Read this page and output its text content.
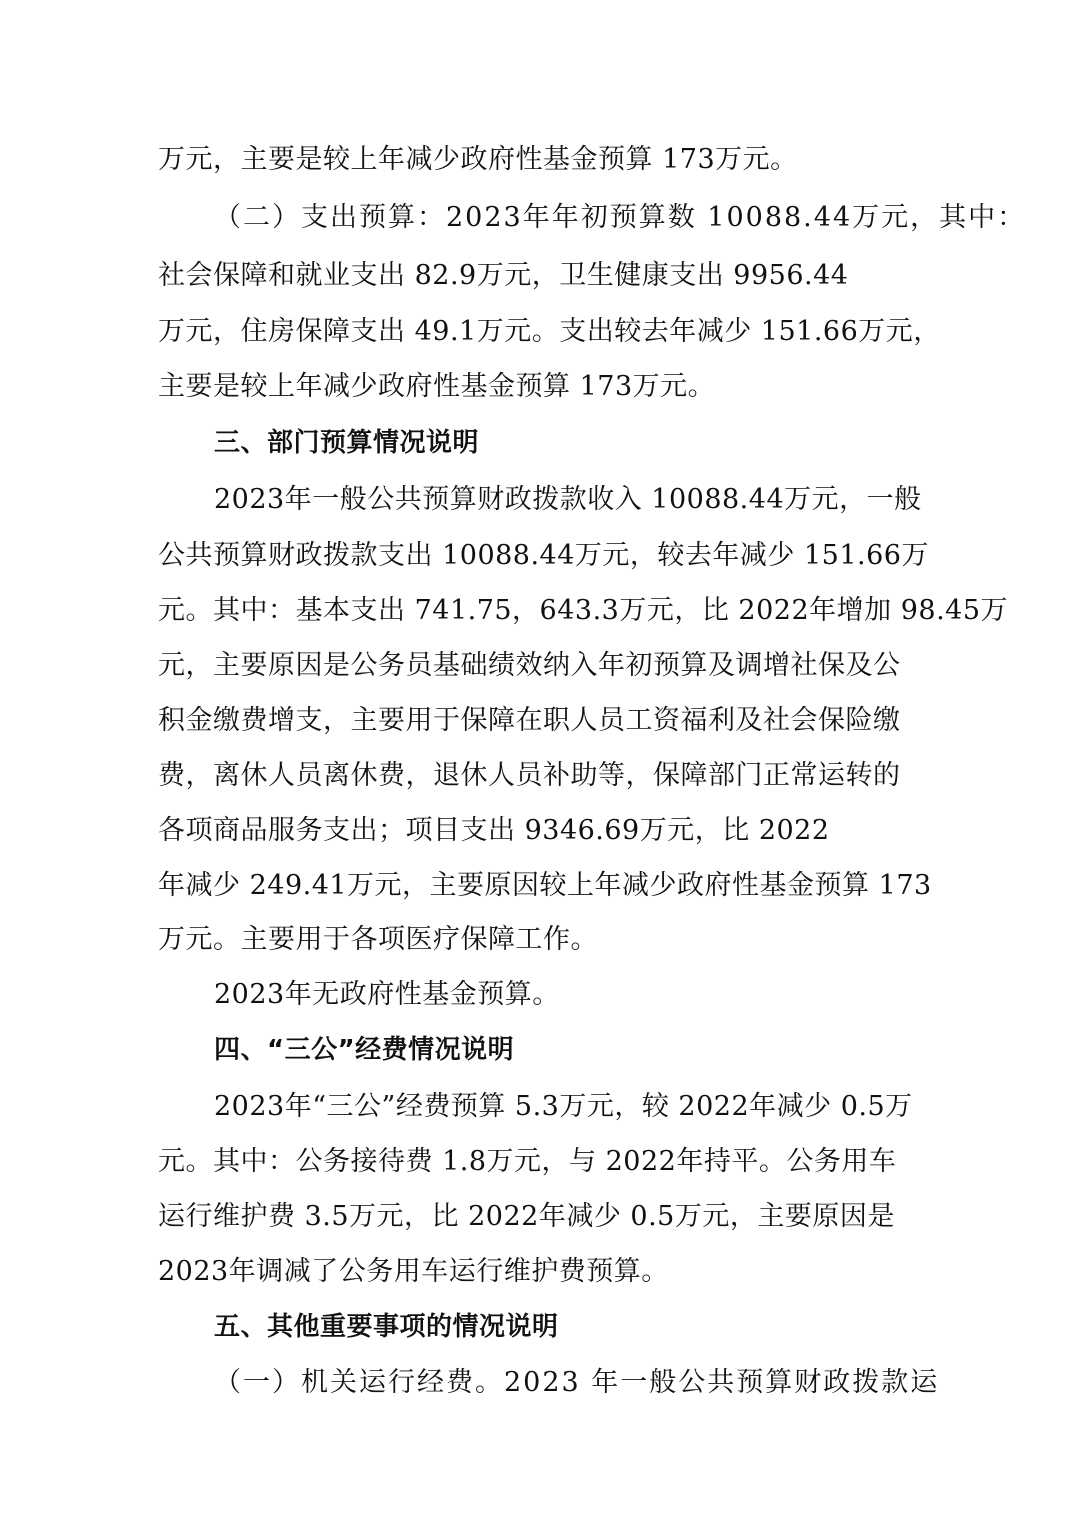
万元，主要是较上年减少政府性基金预算 173万元。
（二）支出预算：2023年年初预算数 10088.44万元，其中：
社会保障和就业支出 82.9万元，卫生健康支出 9956.44
万元，住房保障支出 49.1万元。支出较去年减少 151.66万元，
主要是较上年减少政府性基金预算 173万元。
三、部门预算情况说明
2023年一般公共预算财政拨款收入 10088.44万元，一般
公共预算财政拨款支出 10088.44万元，较去年减少 151.66万
元。其中：基本支出 741.75，643.3万元，比 2022年增加 98.45万
元，主要原因是公务员基础绩效纳入年初预算及调增社保及公
积金缴费增支，主要用于保障在职人员工资福利及社会保险缴
费，离休人员离休费，退休人员补助等，保障部门正常运转的
各项商品服务支出；项目支出 9346.69万元，比 2022
年减少 249.41万元，主要原因较上年减少政府性基金预算 173
万元。主要用于各项医疗保障工作。
2023年无政府性基金预算。
四、“三公”经费情况说明
2023年“三公”经费预算 5.3万元，较 2022年减少 0.5万
元。其中：公务接待费 1.8万元，与 2022年持平。公务用车
运行维护费 3.5万元，比 2022年减少 0.5万元，主要原因是
2023年调减了公务用车运行维护费预算。
五、其他重要事项的情况说明
（一）机关运行经费。2023 年一般公共预算财政拨款运
